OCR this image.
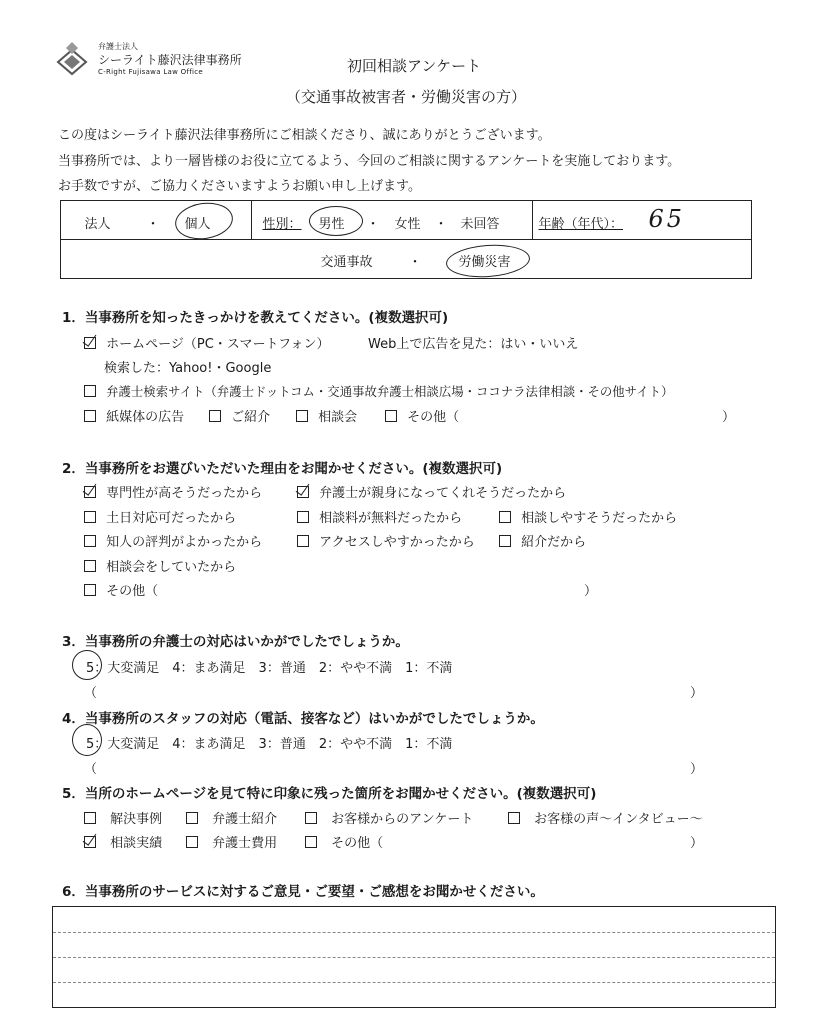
弁護士法人
シーライト藤沢法律事務所
C-Right Fujisawa Law Office	初回相談アンケート
（交通事故被害者・労働災害の方）
この度はシーライト藤沢法律事務所にご相談くださり、誠にありがとうございます。
当事務所では、より一層皆様のお役に立てるよう、今回のご相談に関するアンケートを実施しております。
お手数ですが、ご協力くださいますようお願い申し上げます。
法人	・ 個人	性別： 男性 ・ 女性 ・ 未回答	年齢（年代）： 65

交通事故	・	労働災害
1．当事務所を知ったきっかけを教えてください。(複数選択可)
ホームページ（PC・スマートフォン）	Web上で広告を見た：はい・いいえ
検索した：Yahoo!・Google
弁護士検索サイト（弁護士ドットコム・交通事故弁護士相談広場・ココナラ法律相談・その他サイト）
紙媒体の広告	ご紹介	相談会	その他（	）
2．当事務所をお選びいただいた理由をお聞かせください。(複数選択可)
専門性が高そうだったから	弁護士が親身になってくれそうだったから
土日対応可だったから	相談料が無料だったから	相談しやすそうだったから
知人の評判がよかったから	アクセスしやすかったから	紹介だから
相談会をしていたから
その他（	）
3．当事務所の弁護士の対応はいかがでしたでしょうか。
5：大変満足　4：まあ満足　3：普通　2：やや不満　1：不満
（	）
4．当事務所のスタッフの対応（電話、接客など）はいかがでしたでしょうか。
5：大変満足　4：まあ満足　3：普通　2：やや不満　1：不満
（	）
5．当所のホームページを見て特に印象に残った箇所をお聞かせください。(複数選択可)
解決事例	弁護士紹介	お客様からのアンケート	お客様の声～インタビュー～
相談実績	弁護士費用	その他（	）
6．当事務所のサービスに対するご意見・ご要望・ご感想をお聞かせください。
